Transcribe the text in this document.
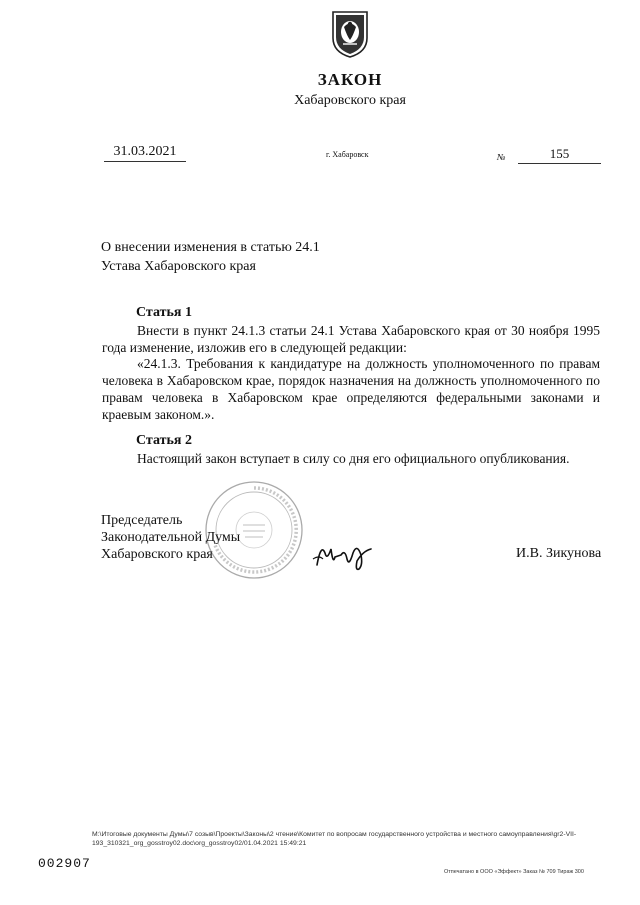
ЗАКОН
Хабаровского края
31.03.2021	г. Хабаровск	№	155
О внесении изменения в статью 24.1
Устава Хабаровского края
Статья 1
Внести в пункт 24.1.3 статьи 24.1 Устава Хабаровского края от 30 ноября 1995 года изменение, изложив его в следующей редакции:
«24.1.3. Требования к кандидатуре на должность уполномоченного по правам человека в Хабаровском крае, порядок назначения на должность уполномоченного по правам человека в Хабаровском крае определяются федеральными законами и краевым законом.».
Статья 2
Настоящий закон вступает в силу со дня его официального опубликования.
Председатель
Законодательной Думы
Хабаровского края	И.В. Зикунова
М:\Итоговые документы Думы\7 созыв\Проекты\Законы\2 чтение\Комитет по вопросам государственного устройства и местного самоуправления\gr2-VII-193_310321_org_gosstroy02.doc\org_gosstroy02/01.04.2021 15:49:21
002907
Отпечатано в ООО «Эффект» Заказ № 709 Тираж 300
